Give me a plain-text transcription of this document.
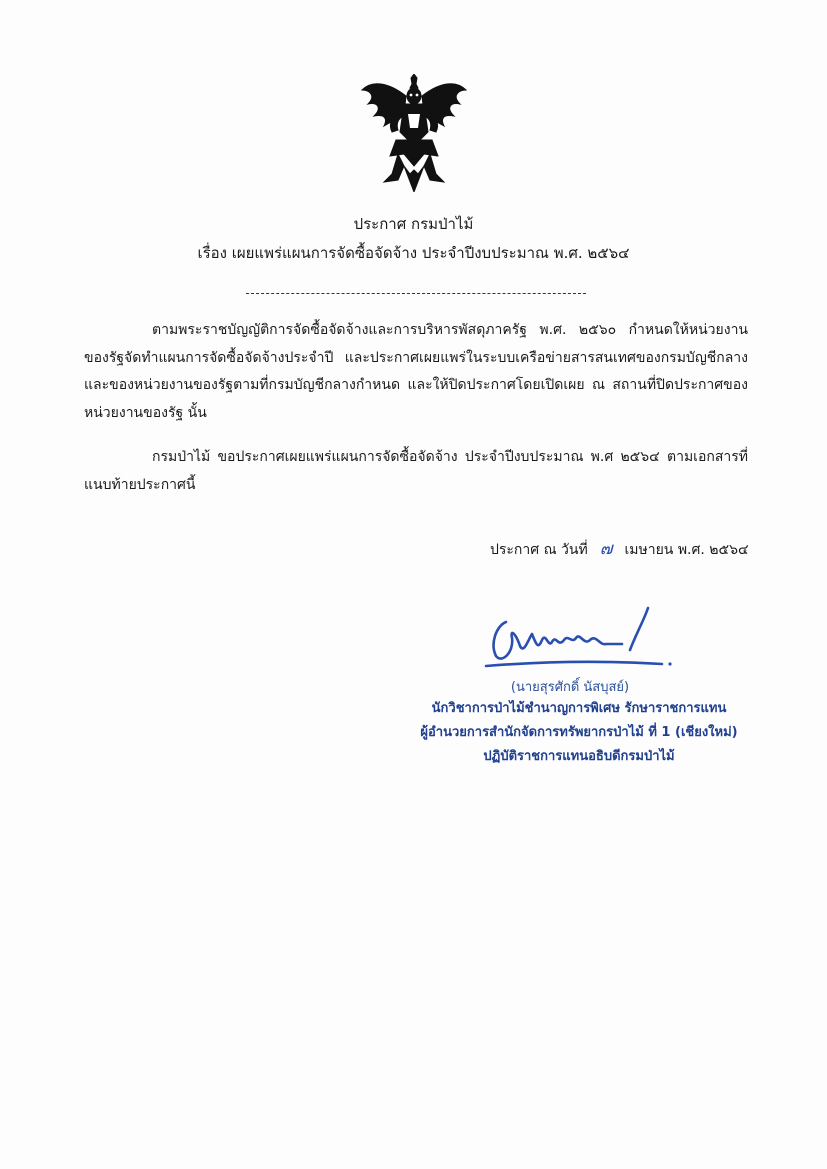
ประกาศ กรมป่าไม้
เรื่อง เผยแพร่แผนการจัดซื้อจัดจ้าง ประจำปีงบประมาณ พ.ศ. ๒๕๖๔
ตามพระราชบัญญัติการจัดซื้อจัดจ้างและการบริหารพัสดุภาครัฐ พ.ศ. ๒๕๖๐ กำหนดให้หน่วยงานของรัฐจัดทำแผนการจัดซื้อจัดจ้างประจำปี และประกาศเผยแพร่ในระบบเครือข่ายสารสนเทศของกรมบัญชีกลางและของหน่วยงานของรัฐตามที่กรมบัญชีกลางกำหนด และให้ปิดประกาศโดยเปิดเผย ณ สถานที่ปิดประกาศของหน่วยงานของรัฐ นั้น
กรมป่าไม้ ขอประกาศเผยแพร่แผนการจัดซื้อจัดจ้าง ประจำปีงบประมาณ พ.ศ ๒๕๖๔ ตามเอกสารที่แนบท้ายประกาศนี้
ประกาศ ณ วันที่ ๗ เมษายน พ.ศ. ๒๕๖๔
(นายสุรศักดิ์ นัสบุสย์)
นักวิชาการป่าไม้ชำนาญการพิเศษ รักษาราชการแทน
ผู้อำนวยการสำนักจัดการทรัพยากรป่าไม้ ที่ 1 (เชียงใหม่)
ปฏิบัติราชการแทนอธิบดีกรมป่าไม้
